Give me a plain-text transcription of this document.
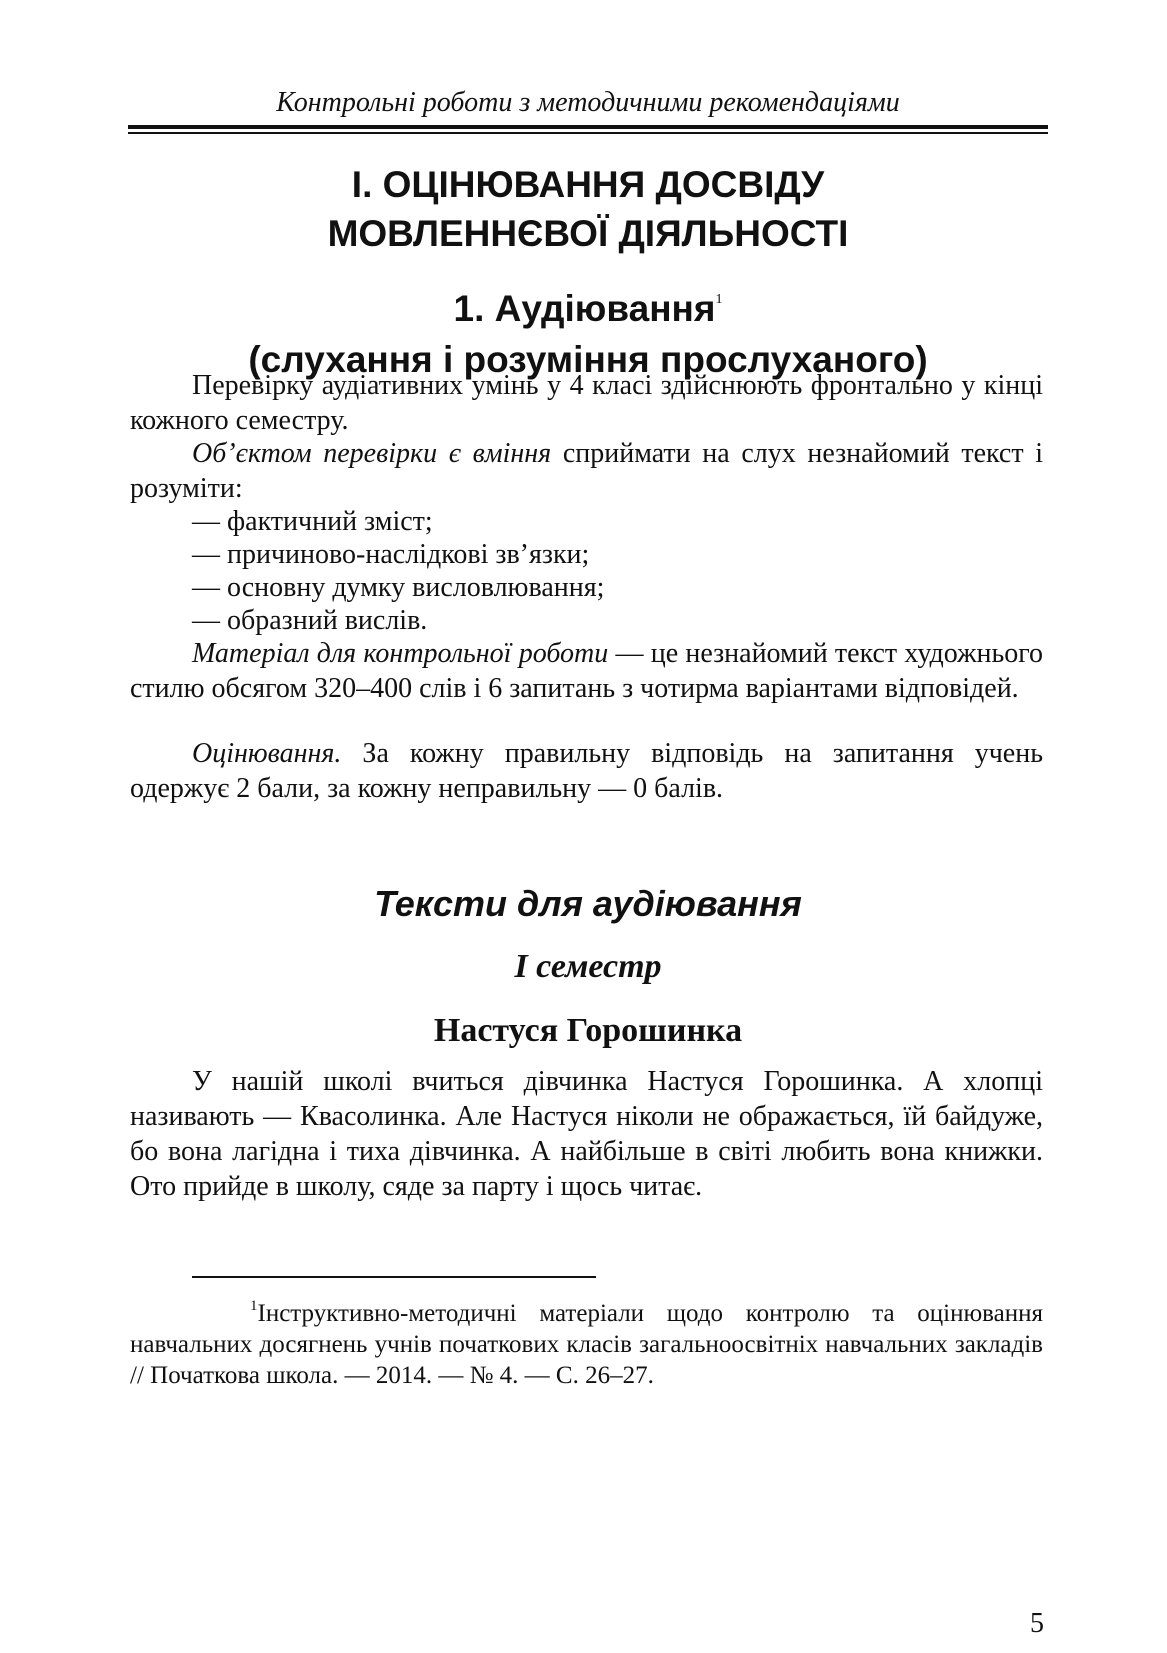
Контрольні роботи з методичними рекомендаціями
І. ОЦІНЮВАННЯ ДОСВІДУ
МОВЛЕННЄВОЇ ДІЯЛЬНОСТІ
1. Аудіювання$^1$
(слухання і розуміння прослуханого)
Перевірку аудіативних умінь у 4 класі здійснюють фронтально у кінці кожного семестру.
Об’єктом перевірки є вміння сприймати на слух незнайомий текст і розуміти:
— фактичний зміст;
— причиново-наслідкові зв’язки;
— основну думку висловлювання;
— образний вислів.
Матеріал для контрольної роботи — це незнайомий текст художнього стилю обсягом 320–400 слів і 6 запитань з чотирма варіантами відповідей.
Оцінювання. За кожну правильну відповідь на запитання учень одержує 2 бали, за кожну неправильну — 0 балів.
Тексти для аудіювання
І семестр
Настуся Горошинка
У нашій школі вчиться дівчинка Настуся Горошинка. А хлопці називають — Квасолинка. Але Настуся ніколи не ображається, їй байдуже, бо вона лагідна і тиха дівчинка. А найбільше в світі любить вона книжки. Ото прийде в школу, сяде за парту і щось читає.
$^1$Інструктивно-методичні матеріали щодо контролю та оцінювання навчальних досягнень учнів початкових класів загальноосвітніх навчальних закладів // Початкова школа. — 2014. — № 4. — С. 26–27.
5
